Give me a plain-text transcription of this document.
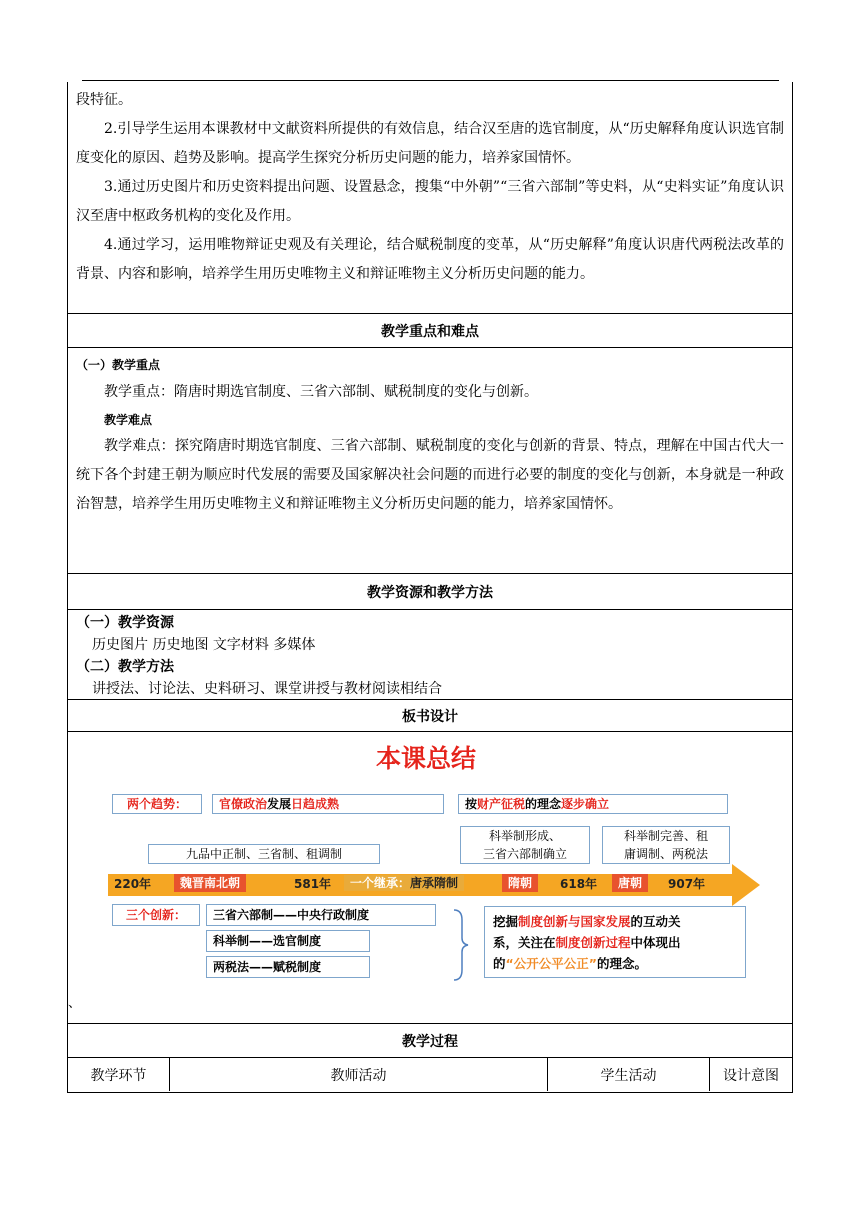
段特征。

2.引导学生运用本课教材中文献资料所提供的有效信息，结合汉至唐的选官制度，从“历史解释角度认识选官制度变化的原因、趋势及影响。提高学生探究分析历史问题的能力，培养家国情怀。

3.通过历史图片和历史资料提出问题、设置悬念，搜集“中外朝”“三省六部制”等史料，从“史料实证”角度认识汉至唐中枢政务机构的变化及作用。

4.通过学习，运用唯物辩证史观及有关理论，结合赋税制度的变革，从“历史解释”角度认识唐代两税法改革的背景、内容和影响，培养学生用历史唯物主义和辩证唯物主义分析历史问题的能力。

教学重点和难点
（一）教学重点

教学重点：隋唐时期选官制度、三省六部制、赋税制度的变化与创新。

教学难点

教学难点：探究隋唐时期选官制度、三省六部制、赋税制度的变化与创新的背景、特点，理解在中国古代大一统下各个封建王朝为顺应时代发展的需要及国家解决社会问题的而进行必要的制度的变化与创新，本身就是一种政治智慧，培养学生用历史唯物主义和辩证唯物主义分析历史问题的能力，培养家国情怀。

教学资源和教学方法
（一）教学资源
历史图片 历史地图 文字材料 多媒体
（二）教学方法
讲授法、讨论法、史料研习、课堂讲授与教材阅读相结合
板书设计
本课总结
两个趋势：	官僚政治发展日趋成熟	按财产征税的理念逐步确立
九品中正制、三省制、租调制
科举制形成、
三省六部制确立
科举制完善、租
庸调制、两税法
220年	魏晋南北朝	581年	一个继承：唐承隋制	隋朝	618年	唐朝	907年
三个创新：	三省六部制——中央行政制度
科举制——选官制度
两税法——赋税制度
挖掘制度创新与国家发展的互动关
系，关注在制度创新过程中体现出
的“公开公平公正”的理念。
、
教学过程
教学环节	教师活动	学生活动	设计意图
